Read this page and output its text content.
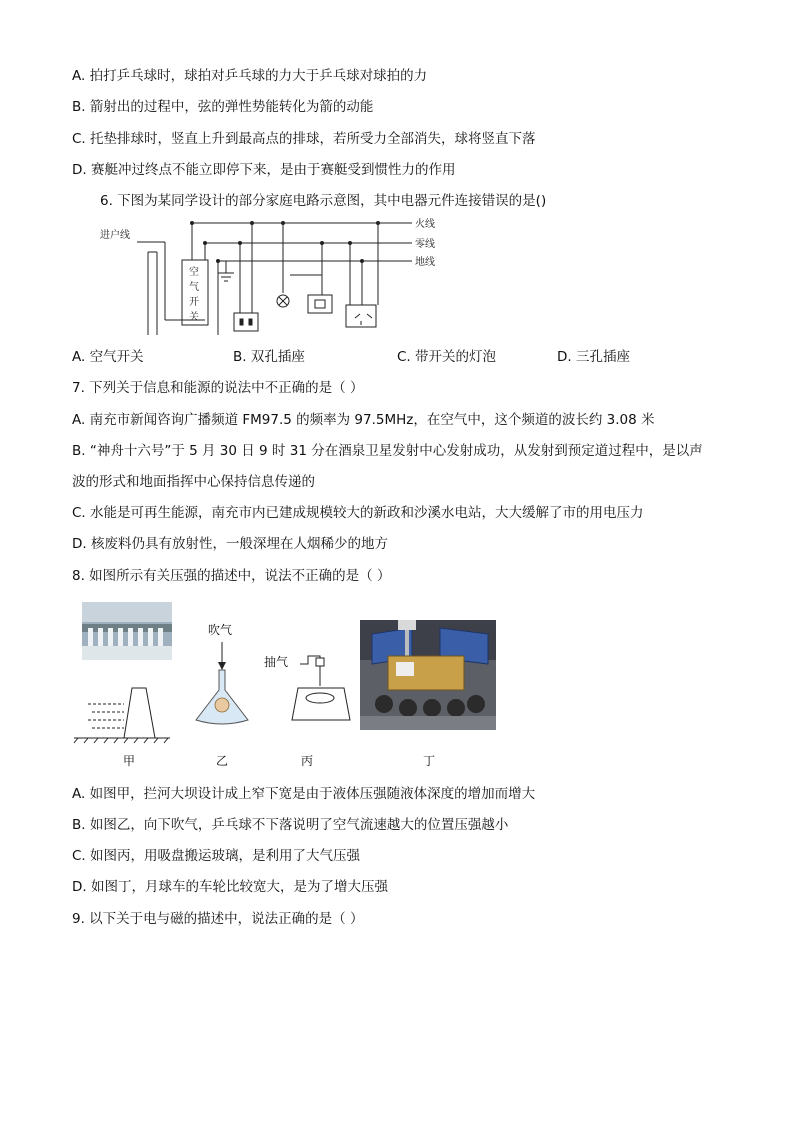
A. 拍打乒乓球时，球拍对乒乓球的力大于乒乓球对球拍的力
B. 箭射出的过程中，弦的弹性势能转化为箭的动能
C. 托垫排球时，竖直上升到最高点的排球，若所受力全部消失，球将竖直下落
D. 赛艇冲过终点不能立即停下来，是由于赛艇受到惯性力的作用
6. 下图为某同学设计的部分家庭电路示意图，其中电器元件连接错误的是()
进户线
火线
零线
地线
空
气
开
关
A. 空气开关	B. 双孔插座	C. 带开关的灯泡	D. 三孔插座
7. 下列关于信息和能源的说法中不正确的是（ ）
A. 南充市新闻咨询广播频道 FM97.5 的频率为 97.5MHz，在空气中，这个频道的波长约 3.08 米
B. “神舟十六号”于 5 月 30 日 9 时 31 分在酒泉卫星发射中心发射成功，从发射到预定道过程中，是以声
波的形式和地面指挥中心保持信息传递的
C. 水能是可再生能源，南充市内已建成规模较大的新政和沙溪水电站，大大缓解了市的用电压力
D. 核废料仍具有放射性，一般深埋在人烟稀少的地方
8. 如图所示有关压强的描述中，说法不正确的是（ ）
吹气
抽气
甲	乙	丙	丁
A. 如图甲，拦河大坝设计成上窄下宽是由于液体压强随液体深度的增加而增大
B. 如图乙，向下吹气，乒乓球不下落说明了空气流速越大的位置压强越小
C. 如图丙，用吸盘搬运玻璃，是利用了大气压强
D. 如图丁，月球车的车轮比较宽大，是为了增大压强
9. 以下关于电与磁的描述中，说法正确的是（ ）
